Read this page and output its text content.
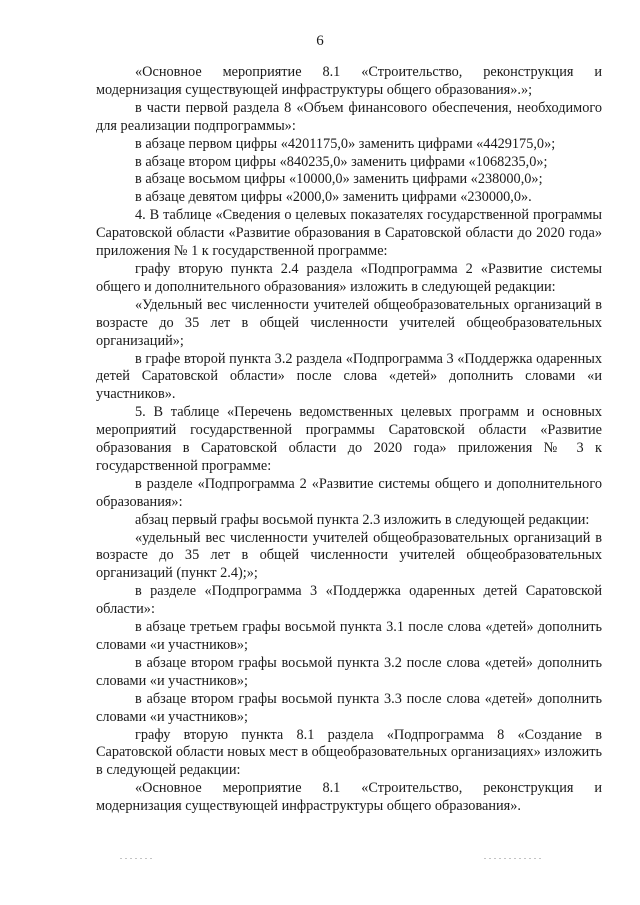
6

«Основное мероприятие 8.1 «Строительство, реконструкция и модернизация существующей инфраструктуры общего образования».»;

в части первой раздела 8 «Объем финансового обеспечения, необходимого для реализации подпрограммы»:

в абзаце первом цифры «4201175,0» заменить цифрами «4429175,0»;

в абзаце втором цифры «840235,0» заменить цифрами «1068235,0»;

в абзаце восьмом цифры «10000,0» заменить цифрами «238000,0»;

в абзаце девятом цифры «2000,0» заменить цифрами «230000,0».

4. В таблице «Сведения о целевых показателях государственной программы Саратовской области «Развитие образования в Саратовской области до 2020 года» приложения № 1 к государственной программе:

графу вторую пункта 2.4 раздела «Подпрограмма 2 «Развитие системы общего и дополнительного образования» изложить в следующей редакции:

«Удельный вес численности учителей общеобразовательных организаций в возрасте до 35 лет в общей численности учителей общеобразовательных организаций»;

в графе второй пункта 3.2 раздела «Подпрограмма 3 «Поддержка одаренных детей Саратовской области» после слова «детей» дополнить словами «и участников».

5. В таблице «Перечень ведомственных целевых программ и основных мероприятий государственной программы Саратовской области «Развитие образования в Саратовской области до 2020 года» приложения № 3 к государственной программе:

в разделе «Подпрограмма 2 «Развитие системы общего и дополнительного образования»:

абзац первый графы восьмой пункта 2.3 изложить в следующей редакции:

«удельный вес численности учителей общеобразовательных организаций в возрасте до 35 лет в общей численности учителей общеобразовательных организаций (пункт 2.4);»;

в разделе «Подпрограмма 3 «Поддержка одаренных детей Саратовской области»:

в абзаце третьем графы восьмой пункта 3.1 после слова «детей» дополнить словами «и участников»;

в абзаце втором графы восьмой пункта 3.2 после слова «детей» дополнить словами «и участников»;

в абзаце втором графы восьмой пункта 3.3 после слова «детей» дополнить словами «и участников»;

графу вторую пункта 8.1 раздела «Подпрограмма 8 «Создание в Саратовской области новых мест в общеобразовательных организациях» изложить в следующей редакции:

«Основное мероприятие 8.1 «Строительство, реконструкция и модернизация существующей инфраструктуры общего образования».
